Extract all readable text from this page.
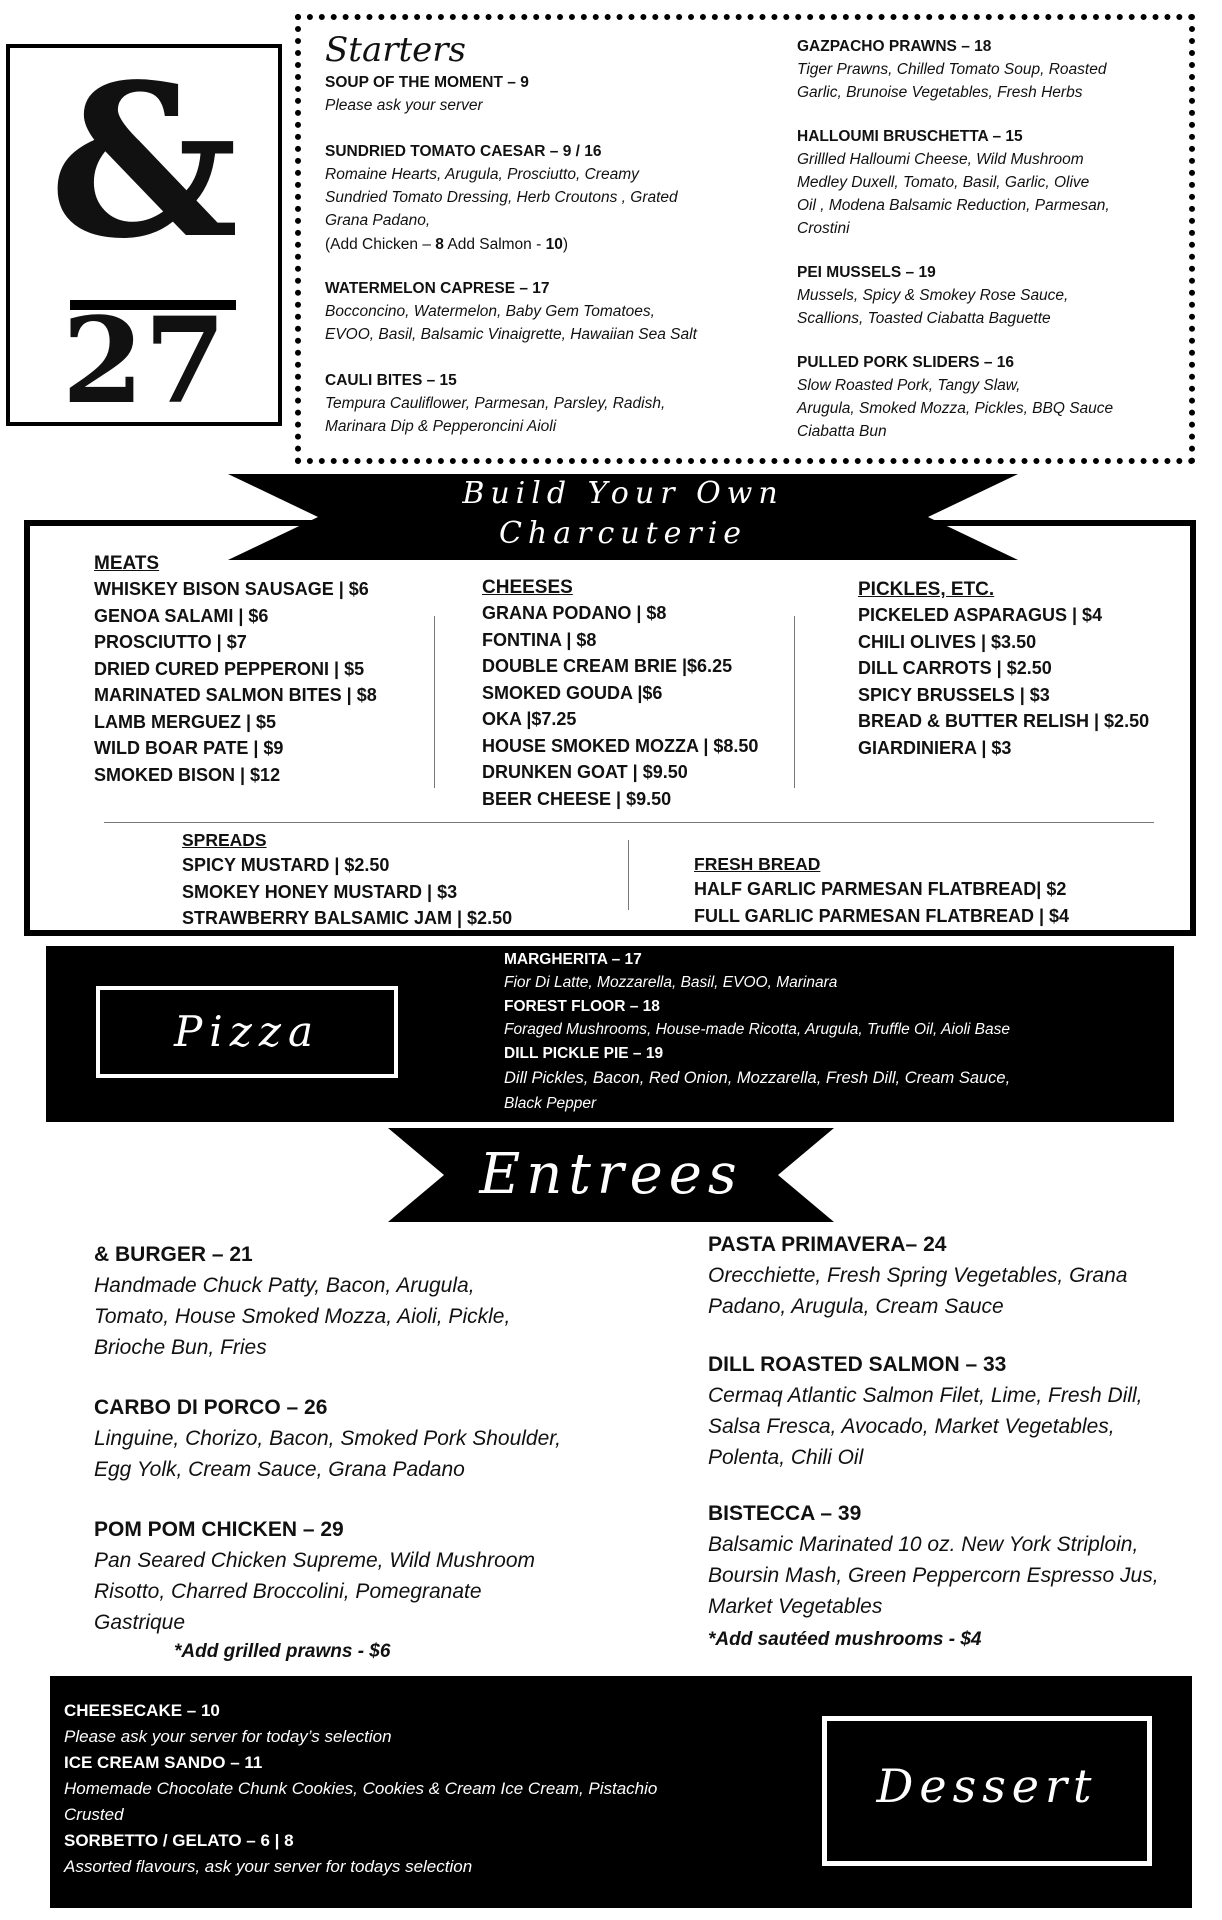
&
27
Starters
SOUP OF THE MOMENT – 9
Please ask your server
SUNDRIED TOMATO CAESAR – 9 / 16
Romaine Hearts, Arugula, Prosciutto, Creamy
Sundried Tomato Dressing, Herb Croutons , Grated
Grana Padano,
(Add Chicken – 8 Add Salmon - 10)
WATERMELON CAPRESE – 17
Bocconcino, Watermelon, Baby Gem Tomatoes,
EVOO, Basil, Balsamic Vinaigrette, Hawaiian Sea Salt
CAULI BITES – 15
Tempura Cauliflower, Parmesan, Parsley, Radish,
Marinara Dip & Pepperoncini Aioli
GAZPACHO PRAWNS – 18
Tiger Prawns, Chilled Tomato Soup, Roasted
Garlic, Brunoise Vegetables, Fresh Herbs
HALLOUMI BRUSCHETTA – 15
Grillled Halloumi Cheese, Wild Mushroom
Medley Duxell, Tomato, Basil, Garlic, Olive
Oil , Modena Balsamic Reduction, Parmesan,
Crostini
PEI MUSSELS – 19
Mussels, Spicy & Smokey Rose Sauce,
Scallions, Toasted Ciabatta Baguette
PULLED PORK SLIDERS – 16
Slow Roasted Pork, Tangy Slaw,
Arugula, Smoked Mozza, Pickles, BBQ Sauce
Ciabatta Bun
MEATS
WHISKEY BISON SAUSAGE | $6
GENOA SALAMI | $6
PROSCIUTTO | $7
DRIED CURED PEPPERONI | $5
MARINATED SALMON BITES | $8
LAMB MERGUEZ | $5
WILD BOAR PATE | $9
SMOKED BISON | $12
CHEESES
GRANA PODANO | $8
FONTINA | $8
DOUBLE CREAM BRIE |$6.25
SMOKED GOUDA |$6
OKA |$7.25
HOUSE SMOKED MOZZA | $8.50
DRUNKEN GOAT | $9.50
BEER CHEESE | $9.50
PICKLES, ETC.
PICKELED ASPARAGUS | $4
CHILI OLIVES | $3.50
DILL CARROTS | $2.50
SPICY BRUSSELS | $3
BREAD & BUTTER RELISH | $2.50
GIARDINIERA | $3
SPREADS
SPICY MUSTARD | $2.50
SMOKEY HONEY MUSTARD | $3
STRAWBERRY BALSAMIC JAM | $2.50
FRESH BREAD
HALF GARLIC PARMESAN FLATBREAD| $2
FULL GARLIC PARMESAN FLATBREAD | $4
Build Your Own
Charcuterie
Pizza
MARGHERITA – 17
Fior Di Latte, Mozzarella, Basil, EVOO, Marinara
FOREST FLOOR – 18
Foraged Mushrooms, House-made Ricotta, Arugula, Truffle Oil, Aioli Base
DILL PICKLE PIE – 19
Dill Pickles, Bacon, Red Onion, Mozzarella, Fresh Dill, Cream Sauce,
Black Pepper
Entrees
& BURGER – 21
Handmade Chuck Patty, Bacon, Arugula,
Tomato, House Smoked Mozza, Aioli, Pickle,
Brioche Bun, Fries
CARBO DI PORCO – 26
Linguine, Chorizo, Bacon, Smoked Pork Shoulder,
Egg Yolk, Cream Sauce, Grana Padano
POM POM CHICKEN – 29
Pan Seared Chicken Supreme, Wild Mushroom
Risotto, Charred Broccolini, Pomegranate
Gastrique
*Add grilled prawns - $6
PASTA PRIMAVERA– 24
Orecchiette, Fresh Spring Vegetables, Grana
Padano, Arugula, Cream Sauce
DILL ROASTED SALMON – 33
Cermaq Atlantic Salmon Filet, Lime, Fresh Dill,
Salsa Fresca, Avocado, Market Vegetables,
Polenta, Chili Oil
BISTECCA – 39
Balsamic Marinated 10 oz. New York Striploin,
Boursin Mash, Green Peppercorn Espresso Jus,
Market Vegetables
*Add sautéed mushrooms - $4
CHEESECAKE – 10
Please ask your server for today’s selection
ICE CREAM SANDO – 11
Homemade Chocolate Chunk Cookies, Cookies & Cream Ice Cream, Pistachio
Crusted
SORBETTO / GELATO – 6 | 8
Assorted flavours, ask your server for todays selection
Dessert
